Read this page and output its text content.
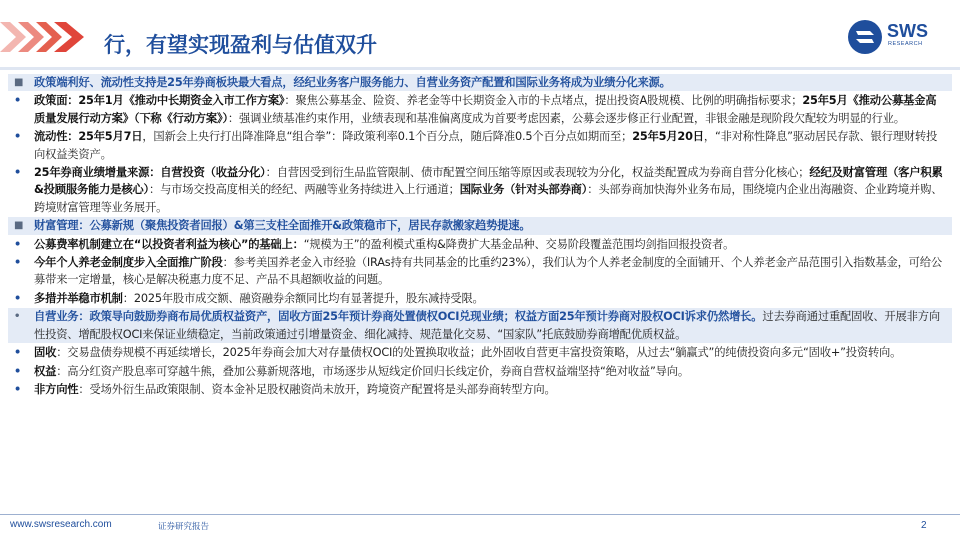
行，有望实现盈利与估值双升
SWS
RESEARCH
■ 政策端利好、流动性支持是25年券商板块最大看点，经纪业务客户服务能力、自营业务资产配置和国际业务将成为业绩分化来源。
• 政策面：25年1月《推动中长期资金入市工作方案》：聚焦公募基金、险资、养老金等中长期资金入市的卡点堵点，提出投资A股规模、比例的明确指标要求；25年5月《推动公募基金高质量发展行动方案》（下称《行动方案》）：强调业绩基准约束作用，业绩表现和基准偏离度成为首要考虑因素，公募会逐步修正行业配置，非银金融是现阶段欠配较为明显的行业。
• 流动性：25年5月7日，国新会上央行打出降准降息“组合拳”：降政策利率0.1个百分点，随后降准0.5个百分点如期而至；25年5月20日，“非对称性降息”驱动居民存款、银行理财转投向权益类资产。
• 25年券商业绩增量来源：自营投资（收益分化）：自营因受到衍生品监管限制、债市配置空间压缩等原因或表现较为分化，权益类配置成为券商自营分化核心；经纪及财富管理（客户积累&投顾服务能力是核心）：与市场交投高度相关的经纪、两融等业务持续进入上行通道；国际业务（针对头部券商）：头部券商加快海外业务布局，围绕境内企业出海融资、企业跨境并购、跨境财富管理等业务展开。
■ 财富管理：公募新规（聚焦投资者回报）&第三支柱全面推开&政策稳市下，居民存款搬家趋势提速。
• 公募费率机制建立在“以投资者利益为核心”的基础上：“规模为王”的盈利模式重构&降费扩大基金品种、交易阶段覆盖范围均剑指回报投资者。
• 今年个人养老金制度步入全面推广阶段：参考美国养老金入市经验（IRAs持有共同基金的比重约23%），我们认为个人养老金制度的全面铺开、个人养老金产品范围引入指数基金，可给公募带来一定增量，核心是解决税惠力度不足、产品不具超额收益的问题。
• 多措并举稳市机制：2025年股市成交额、融资融券余额同比均有显著提升，股东减持受限。
• 自营业务：政策导向鼓励券商布局优质权益资产，固收方面25年预计券商处置债权OCI兑现业绩；权益方面25年预计券商对股权OCI诉求仍然增长。过去券商通过重配固收、开展非方向性投资、增配股权OCI来保证业绩稳定，当前政策通过引增量资金、细化减持、规范量化交易、“国家队”托底鼓励券商增配优质权益。
• 固收：交易盘债券规模不再延续增长，2025年券商会加大对存量债权OCI的处置换取收益；此外固收自营更丰富投资策略，从过去“躺赢式”的纯债投资向多元“固收+”投资转向。
• 权益：高分红资产股息率可穿越牛熊，叠加公募新规落地，市场逐步从短线定价回归长线定价，券商自营权益端坚持“绝对收益”导向。
• 非方向性：受场外衍生品政策限制、资本金补足股权融资尚未放开，跨境资产配置将是头部券商转型方向。
www.swsresearch.com	证券研究报告	2
